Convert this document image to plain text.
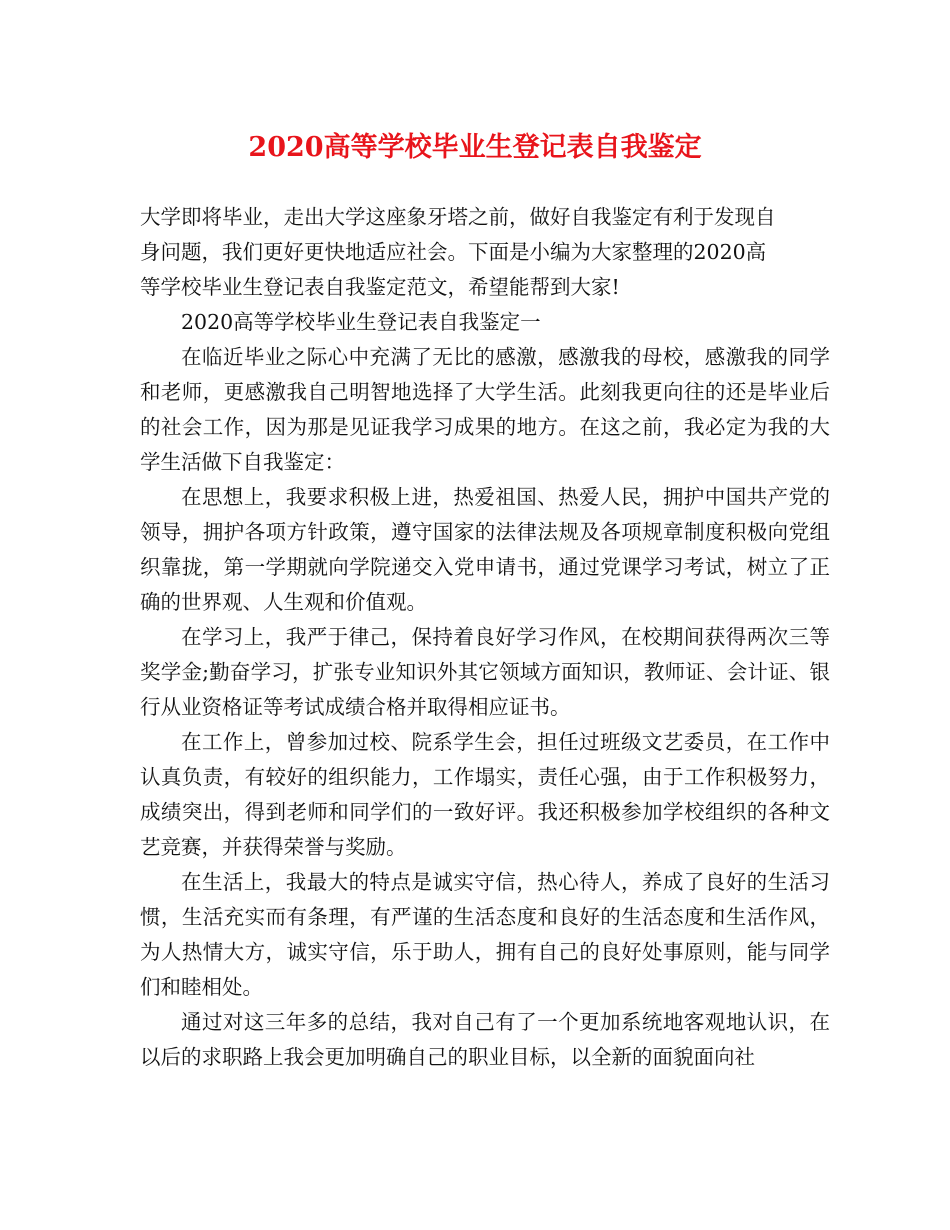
2020高等学校毕业生登记表自我鉴定

大学即将毕业，走出大学这座象牙塔之前，做好自我鉴定有利于发现自
身问题，我们更好更快地适应社会。下面是小编为大家整理的2020高
等学校毕业生登记表自我鉴定范文，希望能帮到大家!

2020高等学校毕业生登记表自我鉴定一

在临近毕业之际心中充满了无比的感激，感激我的母校，感激我的同学和老师，更感激我自己明智地选择了大学生活。此刻我更向往的还是毕业后的社会工作，因为那是见证我学习成果的地方。在这之前，我必定为我的大学生活做下自我鉴定：

在思想上，我要求积极上进，热爱祖国、热爱人民，拥护中国共产党的领导，拥护各项方针政策，遵守国家的法律法规及各项规章制度积极向党组织靠拢，第一学期就向学院递交入党申请书，通过党课学习考试，树立了正确的世界观、人生观和价值观。

在学习上，我严于律己，保持着良好学习作风，在校期间获得两次三等奖学金;勤奋学习，扩张专业知识外其它领域方面知识，教师证、会计证、银行从业资格证等考试成绩合格并取得相应证书。

在工作上，曾参加过校、院系学生会，担任过班级文艺委员，在工作中认真负责，有较好的组织能力，工作塌实，责任心强，由于工作积极努力，成绩突出，得到老师和同学们的一致好评。我还积极参加学校组织的各种文艺竞赛，并获得荣誉与奖励。

在生活上，我最大的特点是诚实守信，热心待人，养成了良好的生活习惯，生活充实而有条理，有严谨的生活态度和良好的生活态度和生活作风，为人热情大方，诚实守信，乐于助人，拥有自己的良好处事原则，能与同学们和睦相处。

通过对这三年多的总结，我对自己有了一个更加系统地客观地认识，在以后的求职路上我会更加明确自己的职业目标，以全新的面貌面向社
